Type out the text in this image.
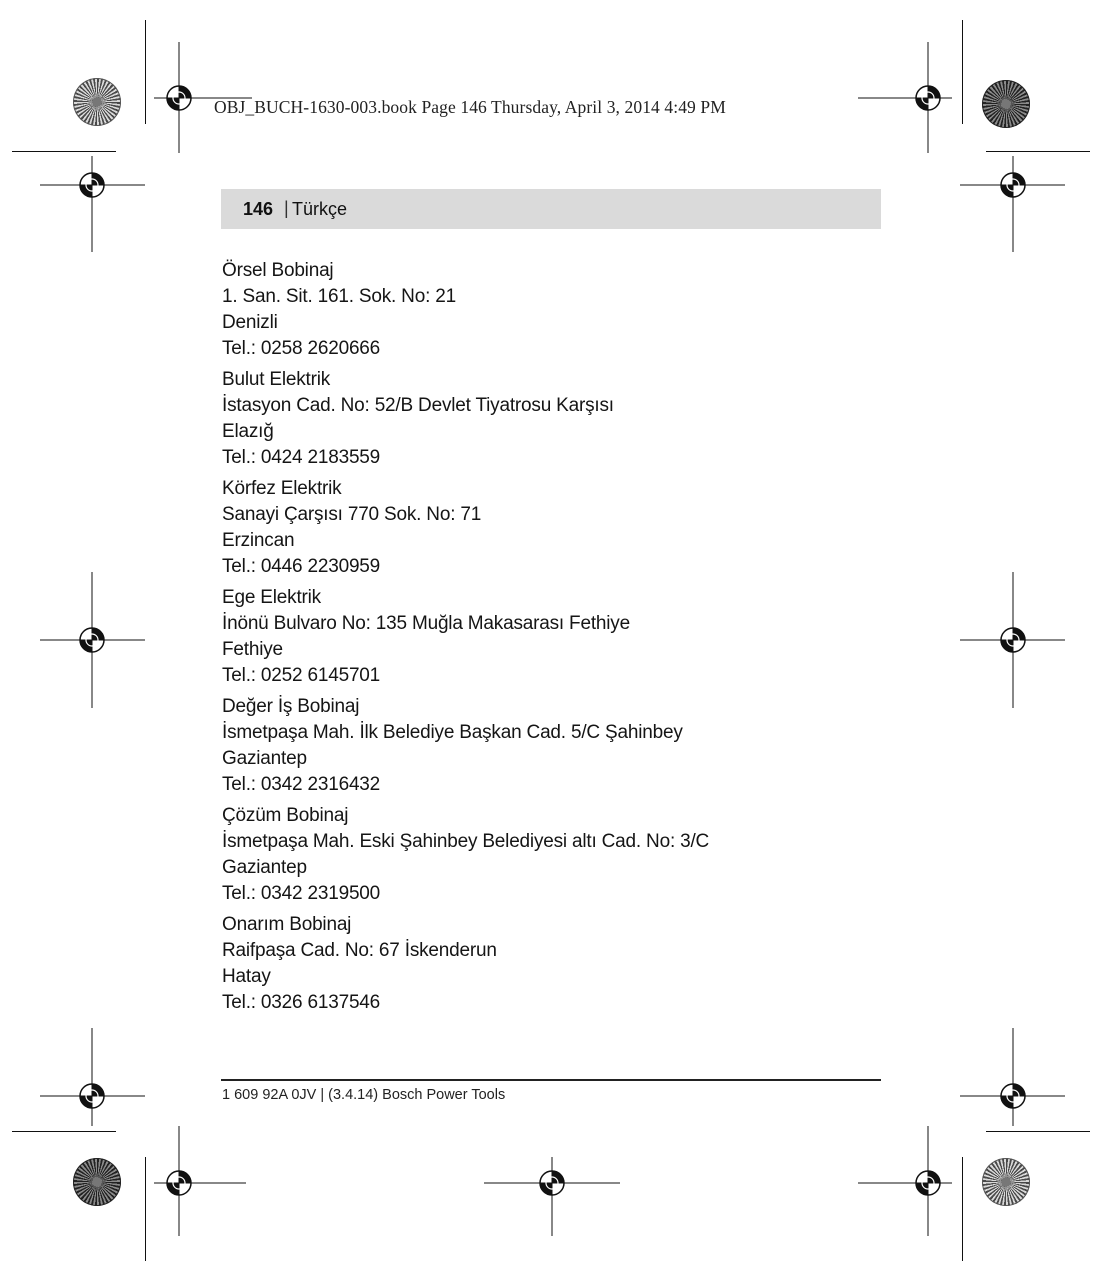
OBJ_BUCH-1630-003.book Page 146 Thursday, April 3, 2014 4:49 PM
146 | Türkçe
Örsel Bobinaj
1. San. Sit. 161. Sok. No: 21
Denizli
Tel.: 0258 2620666
Bulut Elektrik
İstasyon Cad. No: 52/B Devlet Tiyatrosu Karşısı
Elazığ
Tel.: 0424 2183559
Körfez Elektrik
Sanayi Çarşısı 770 Sok. No: 71
Erzincan
Tel.: 0446 2230959
Ege Elektrik
İnönü Bulvaro No: 135 Muğla Makasarası Fethiye
Fethiye
Tel.: 0252 6145701
Değer İş Bobinaj
İsmetpaşa Mah. İlk Belediye Başkan Cad. 5/C Şahinbey
Gaziantep
Tel.: 0342 2316432
Çözüm Bobinaj
İsmetpaşa Mah. Eski Şahinbey Belediyesi altı Cad. No: 3/C
Gaziantep
Tel.: 0342 2319500
Onarım Bobinaj
Raifpaşa Cad. No: 67 İskenderun
Hatay
Tel.: 0326 6137546
1 609 92A 0JV | (3.4.14) Bosch Power Tools
